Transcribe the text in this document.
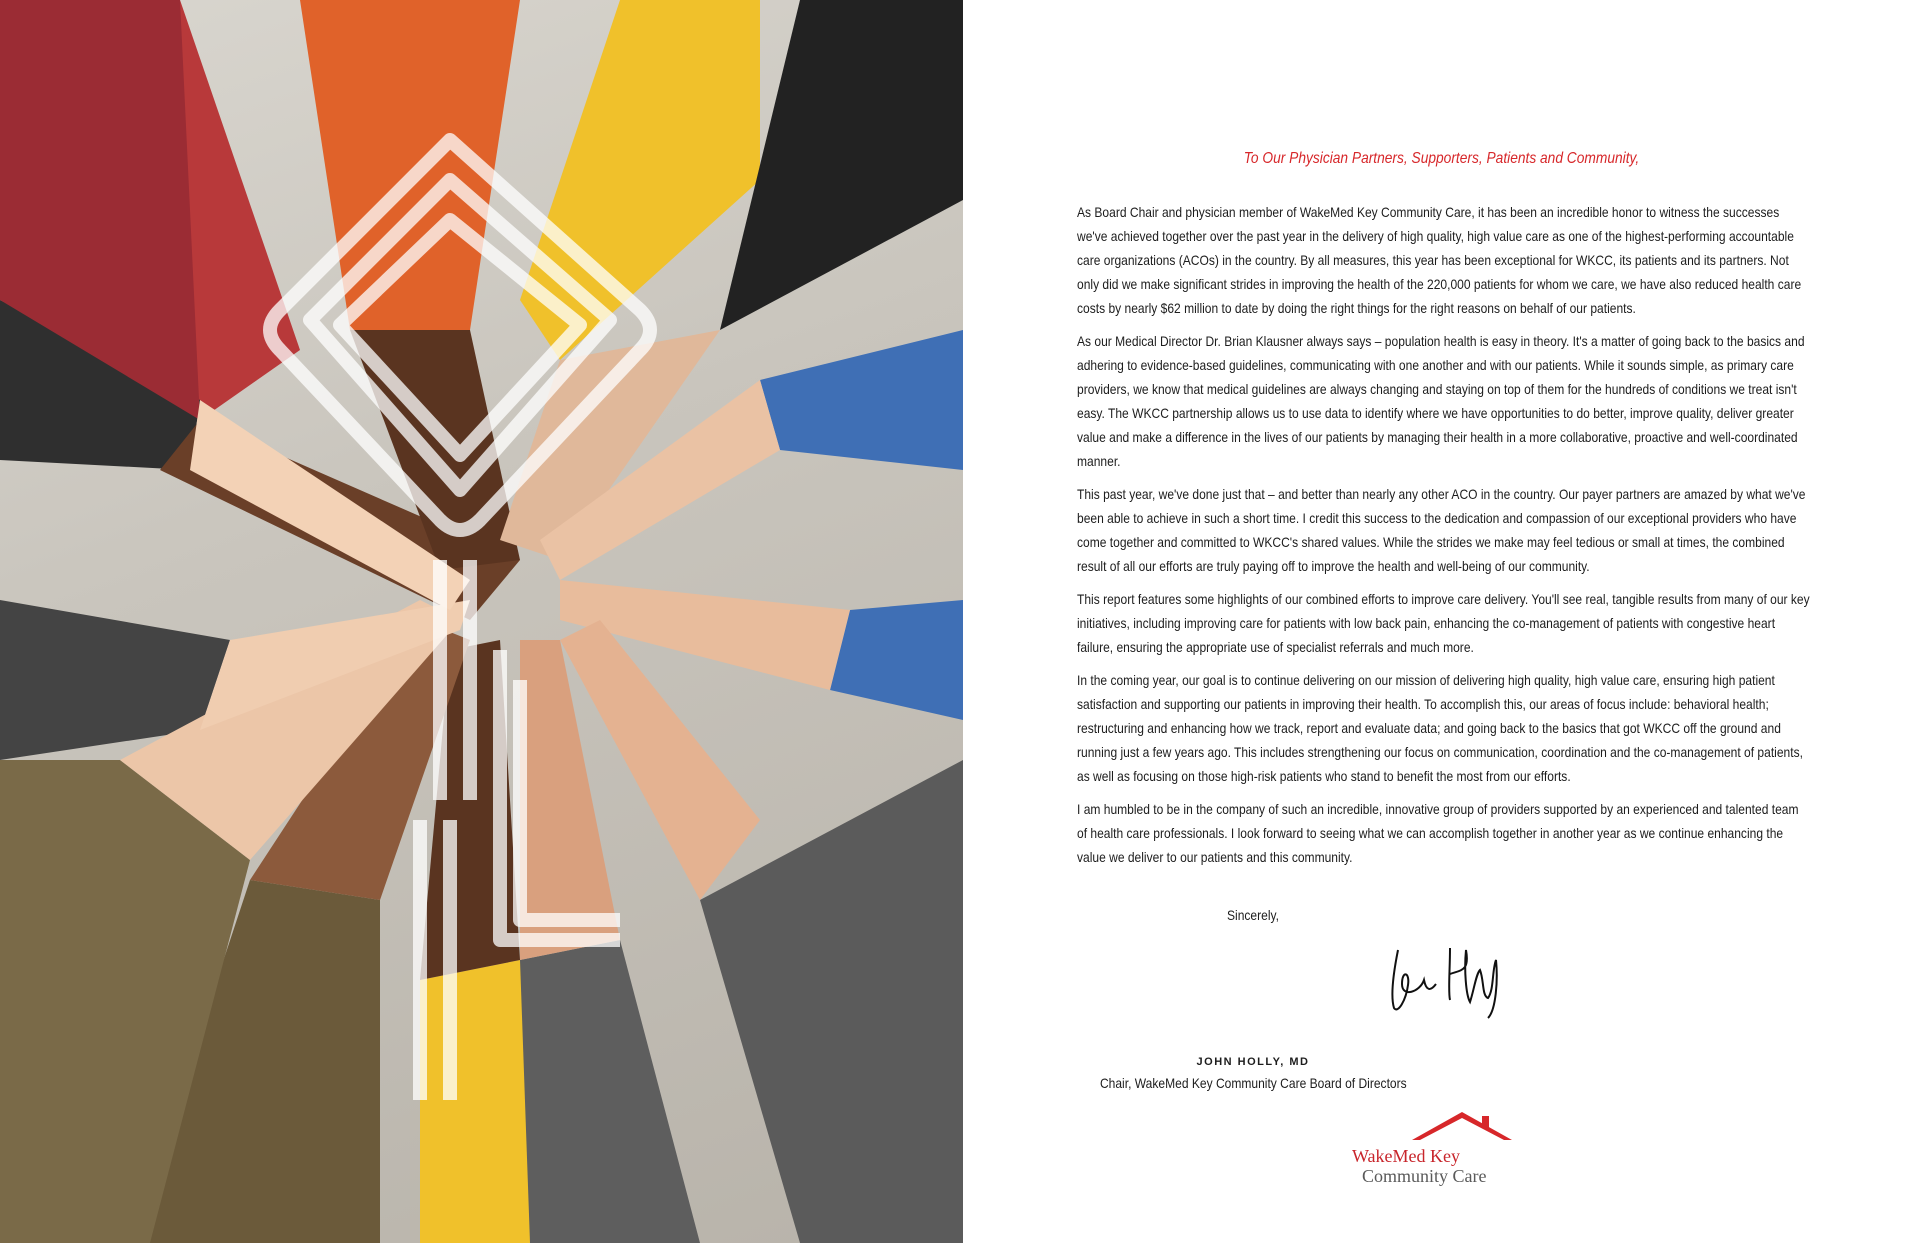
To Our Physician Partners, Supporters, Patients and Community,

As Board Chair and physician member of WakeMed Key Community Care, it has been an incredible honor to witness the successes we've achieved together over the past year in the delivery of high quality, high value care as one of the highest-performing accountable care organizations (ACOs) in the country. By all measures, this year has been exceptional for WKCC, its patients and its partners. Not only did we make significant strides in improving the health of the 220,000 patients for whom we care, we have also reduced health care costs by nearly $62 million to date by doing the right things for the right reasons on behalf of our patients.

As our Medical Director Dr. Brian Klausner always says – population health is easy in theory. It's a matter of going back to the basics and adhering to evidence-based guidelines, communicating with one another and with our patients. While it sounds simple, as primary care providers, we know that medical guidelines are always changing and staying on top of them for the hundreds of conditions we treat isn't easy. The WKCC partnership allows us to use data to identify where we have opportunities to do better, improve quality, deliver greater value and make a difference in the lives of our patients by managing their health in a more collaborative, proactive and well-coordinated manner.

This past year, we've done just that – and better than nearly any other ACO in the country. Our payer partners are amazed by what we've been able to achieve in such a short time. I credit this success to the dedication and compassion of our exceptional providers who have come together and committed to WKCC's shared values. While the strides we make may feel tedious or small at times, the combined result of all our efforts are truly paying off to improve the health and well-being of our community.

This report features some highlights of our combined efforts to improve care delivery. You'll see real, tangible results from many of our key initiatives, including improving care for patients with low back pain, enhancing the co-management of patients with congestive heart failure, ensuring the appropriate use of specialist referrals and much more.

In the coming year, our goal is to continue delivering on our mission of delivering high quality, high value care, ensuring high patient satisfaction and supporting our patients in improving their health. To accomplish this, our areas of focus include: behavioral health; restructuring and enhancing how we track, report and evaluate data; and going back to the basics that got WKCC off the ground and running just a few years ago. This includes strengthening our focus on communication, coordination and the co-management of patients, as well as focusing on those high-risk patients who stand to benefit the most from our efforts.

I am humbled to be in the company of such an incredible, innovative group of providers supported by an experienced and talented team of health care professionals. I look forward to seeing what we can accomplish together in another year as we continue enhancing the value we deliver to our patients and this community.

Sincerely,
JOHN HOLLY, MD
Chair, WakeMed Key Community Care Board of Directors
WakeMed Key
Community Care
